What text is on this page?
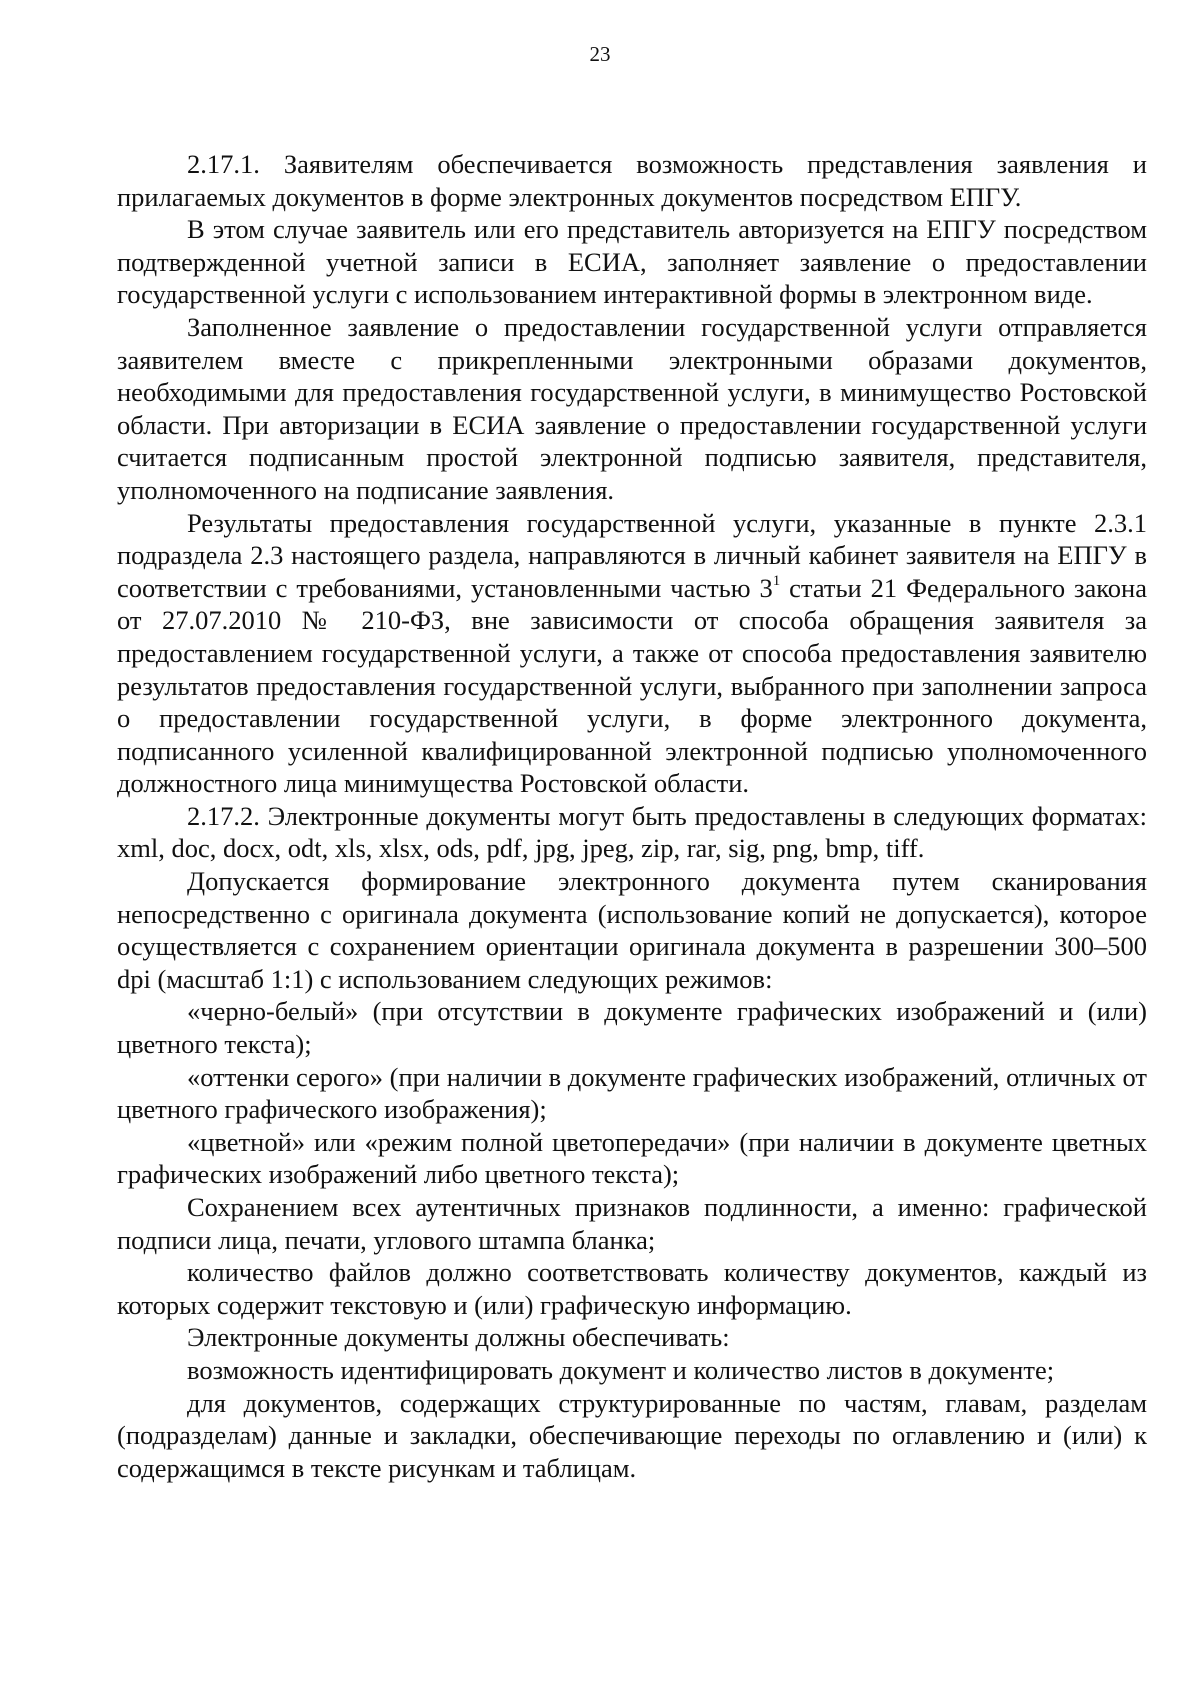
23

2.17.1. Заявителям обеспечивается возможность представления заявления и прилагаемых документов в форме электронных документов посредством ЕПГУ.

В этом случае заявитель или его представитель авторизуется на ЕПГУ посредством подтвержденной учетной записи в ЕСИА, заполняет заявление о предоставлении государственной услуги с использованием интерактивной формы в электронном виде.

Заполненное заявление о предоставлении государственной услуги отправляется заявителем вместе с прикрепленными электронными образами документов, необходимыми для предоставления государственной услуги, в минимущество Ростовской области. При авторизации в ЕСИА заявление о предоставлении государственной услуги считается подписанным простой электронной подписью заявителя, представителя, уполномоченного на подписание заявления.

Результаты предоставления государственной услуги, указанные в пункте 2.3.1 подраздела 2.3 настоящего раздела, направляются в личный кабинет заявителя на ЕПГУ в соответствии с требованиями, установленными частью $3^1$ статьи 21 Федерального закона от 27.07.2010 № 210-ФЗ, вне зависимости от способа обращения заявителя за предоставлением государственной услуги, а также от способа предоставления заявителю результатов предоставления государственной услуги, выбранного при заполнении запроса о предоставлении государственной услуги, в форме электронного документа, подписанного усиленной квалифицированной электронной подписью уполномоченного должностного лица минимущества Ростовской области.

2.17.2. Электронные документы могут быть предоставлены в следующих форматах: xml, doc, docx, odt, xls, xlsx, ods, pdf, jpg, jpeg, zip, rar, sig, png, bmp, tiff.

Допускается формирование электронного документа путем сканирования непосредственно с оригинала документа (использование копий не допускается), которое осуществляется с сохранением ориентации оригинала документа в разрешении 300–500 dpi (масштаб 1:1) с использованием следующих режимов:

«черно-белый» (при отсутствии в документе графических изображений и (или) цветного текста);

«оттенки серого» (при наличии в документе графических изображений, отличных от цветного графического изображения);

«цветной» или «режим полной цветопередачи» (при наличии в документе цветных графических изображений либо цветного текста);

Сохранением всех аутентичных признаков подлинности, а именно: графической подписи лица, печати, углового штампа бланка;

количество файлов должно соответствовать количеству документов, каждый из которых содержит текстовую и (или) графическую информацию.

Электронные документы должны обеспечивать:

возможность идентифицировать документ и количество листов в документе;

для документов, содержащих структурированные по частям, главам, разделам (подразделам) данные и закладки, обеспечивающие переходы по оглавлению и (или) к содержащимся в тексте рисункам и таблицам.
